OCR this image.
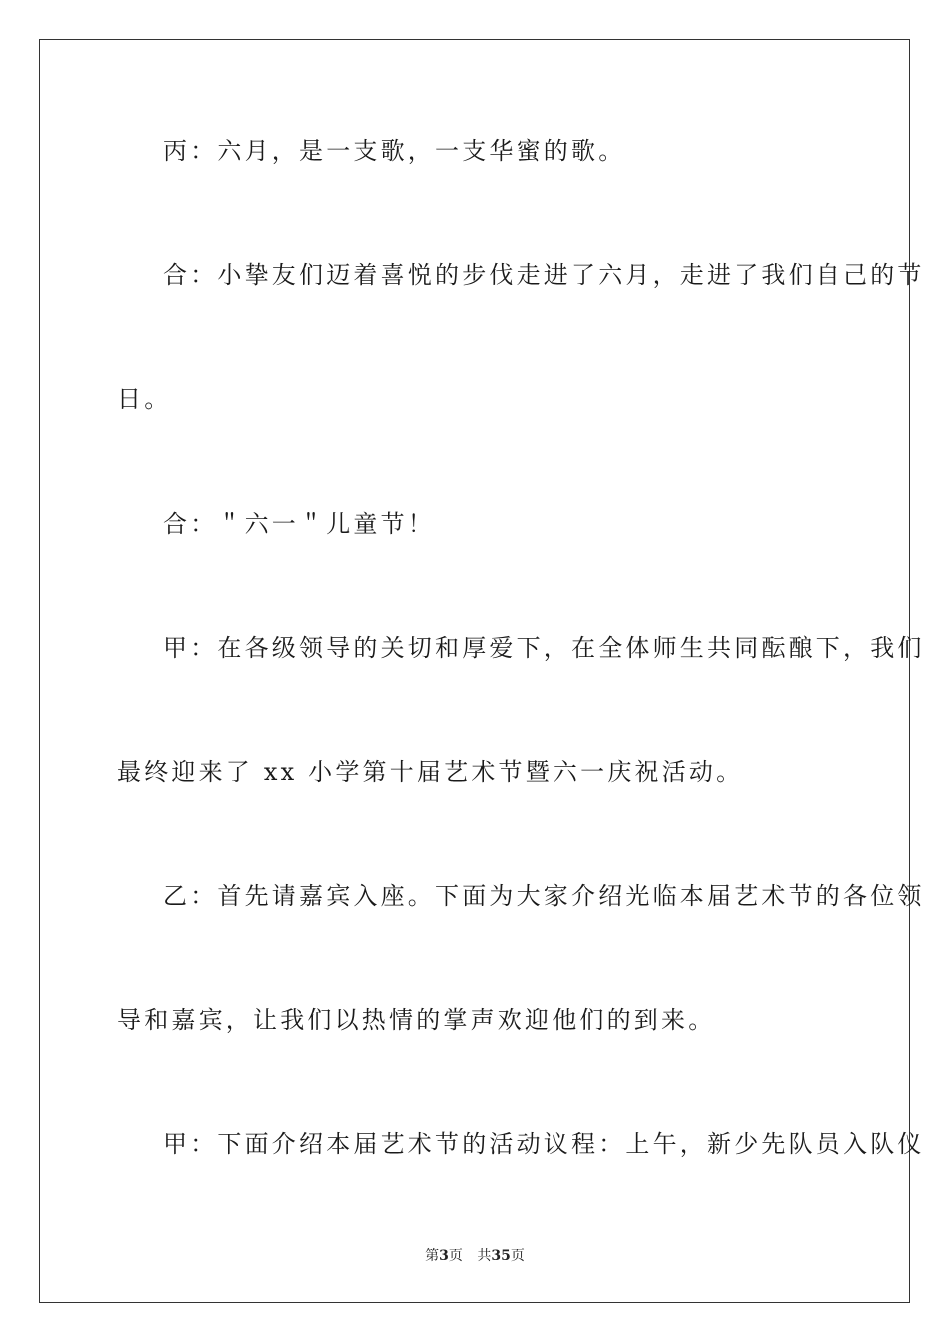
丙：六月，是一支歌，一支华蜜的歌。

合：小挚友们迈着喜悦的步伐走进了六月，走进了我们自己的节

日。

合：＂六一＂儿童节！

甲：在各级领导的关切和厚爱下，在全体师生共同酝酿下，我们

最终迎来了 xx 小学第十届艺术节暨六一庆祝活动。

乙：首先请嘉宾入座。下面为大家介绍光临本届艺术节的各位领

导和嘉宾，让我们以热情的掌声欢迎他们的到来。

甲：下面介绍本届艺术节的活动议程：上午，新少先队员入队仪

第3页 共35页
